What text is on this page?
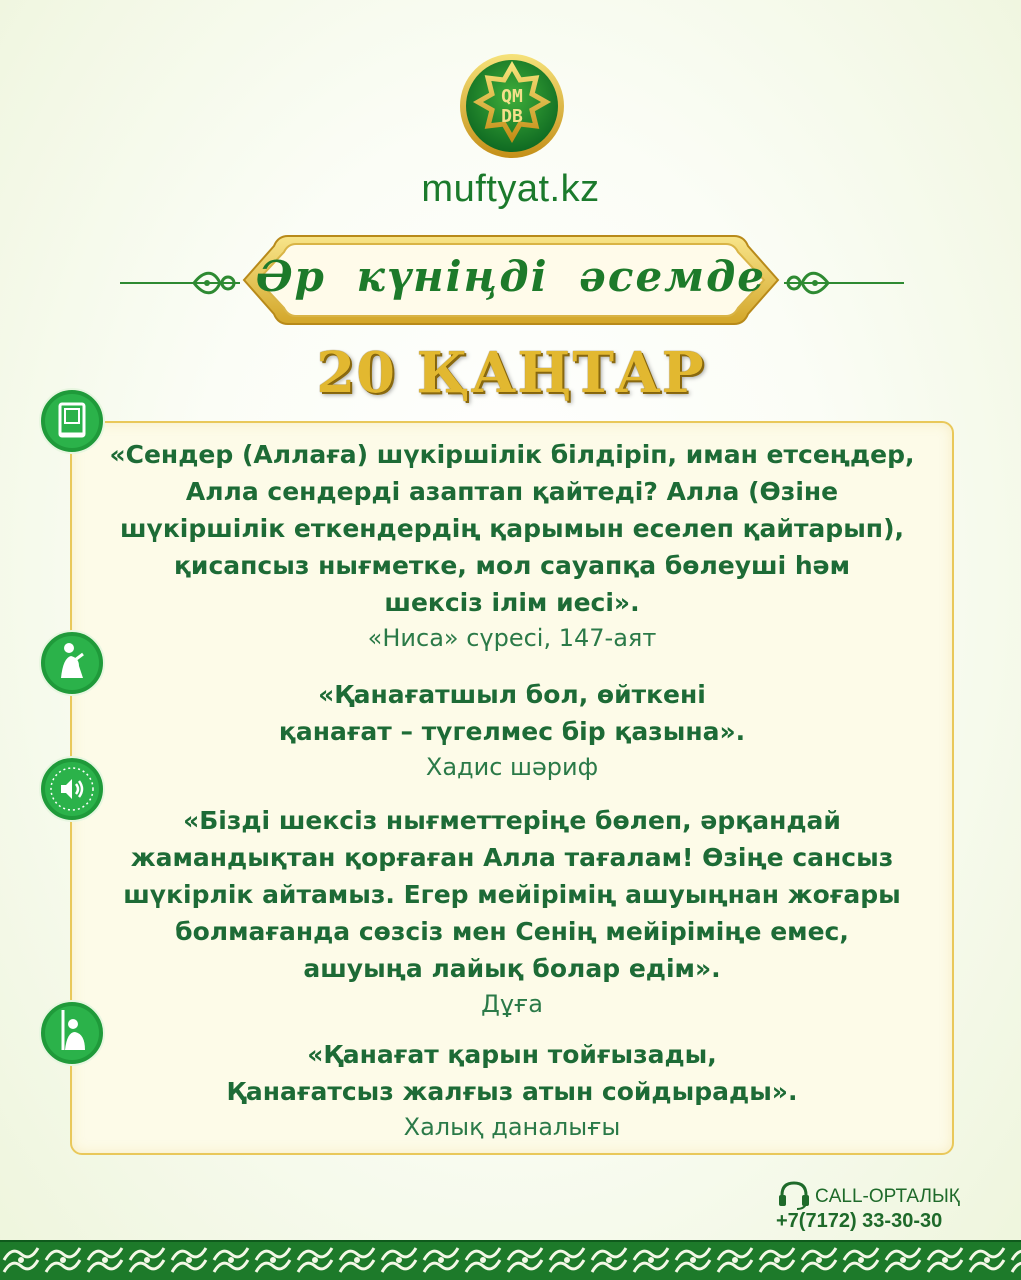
QM
DB
muftyat.kz
Әр күніңді әсемде
20 ҚАҢТАР
«Сендер (Аллаға) шүкіршілік білдіріп, иман етсеңдер,
Алла сендерді азаптап қайтеді? Алла (Өзіне
шүкіршілік еткендердің қарымын еселеп қайтарып),
қисапсыз нығметке, мол сауапқа бөлеуші һәм
шексіз ілім иесі».
«Ниса» сүресі, 147-аят
«Қанағатшыл бол, өйткені
қанағат – түгелмес бір қазына».
Хадис шәриф
«Бізді шексіз нығметтеріңе бөлеп, әрқандай
жамандықтан қорғаған Алла тағалам! Өзіңе сансыз
шүкірлік айтамыз. Егер мейірімің ашуыңнан жоғары
болмағанда сөзсіз мен Сенің мейіріміңе емес,
ашуыңа лайық болар едім».
Дұға
«Қанағат қарын тойғызады,
Қанағатсыз жалғыз атын сойдырады».
Халық даналығы
CALL-ОРТАЛЫҚ
+7(7172) 33-30-30
